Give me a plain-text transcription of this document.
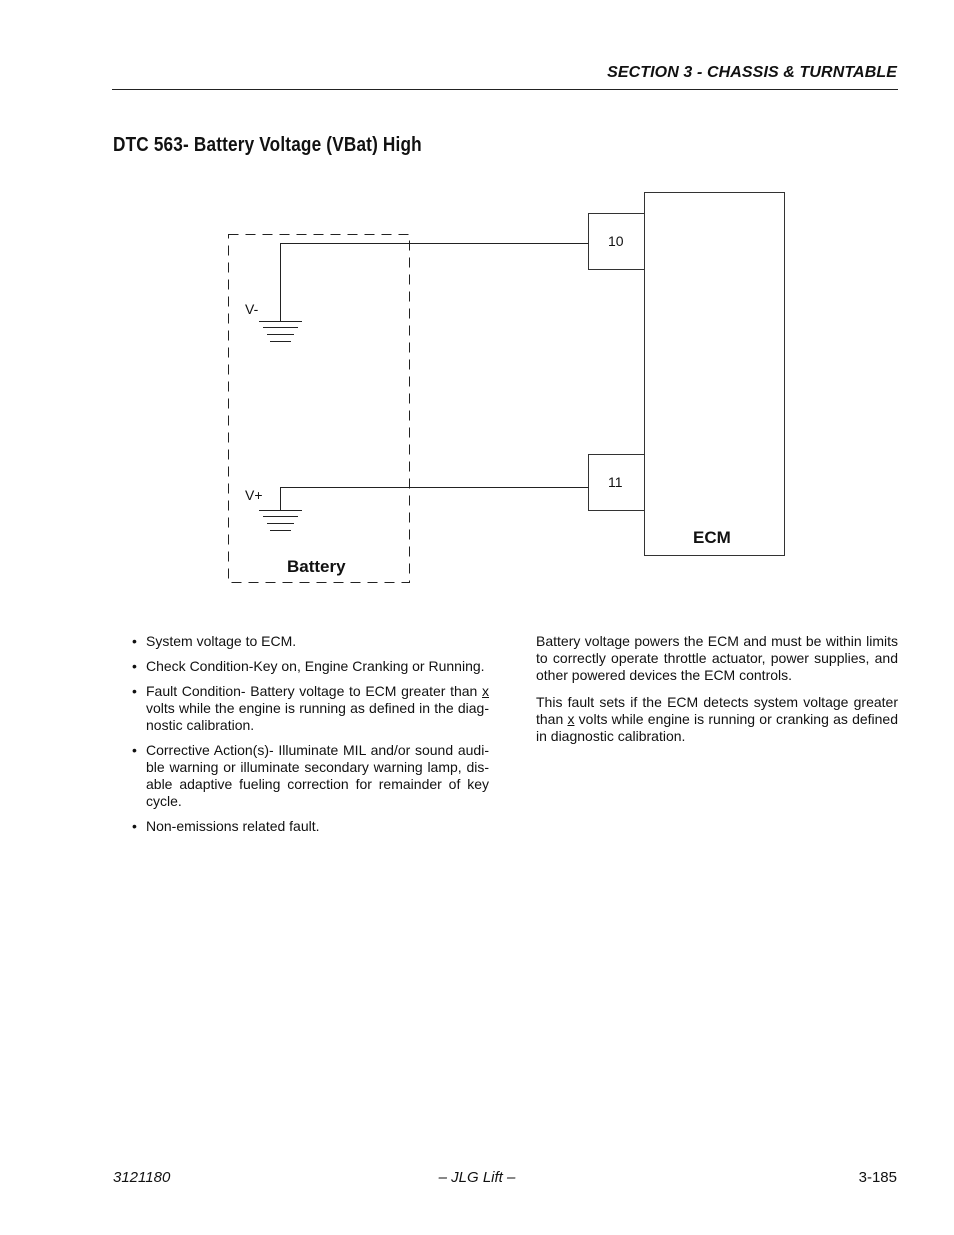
SECTION 3 - CHASSIS & TURNTABLE
DTC 563- Battery Voltage (VBat) High
V-
V+
10
11
Battery
ECM
• System voltage to ECM.
• Check Condition-Key on, Engine Cranking or Running.
• Fault Condition- Battery voltage to ECM greater than x volts while the engine is running as defined in the diag-nostic calibration.
• Corrective Action(s)- Illuminate MIL and/or sound audi-ble warning or illuminate secondary warning lamp, dis-able adaptive fueling correction for remainder of key cycle.
• Non-emissions related fault.

Battery voltage powers the ECM and must be within limits to correctly operate throttle actuator, power supplies, and other powered devices the ECM controls.

This fault sets if the ECM detects system voltage greater than x volts while engine is running or cranking as defined in diagnostic calibration.

3121180	– JLG Lift –	3-185
